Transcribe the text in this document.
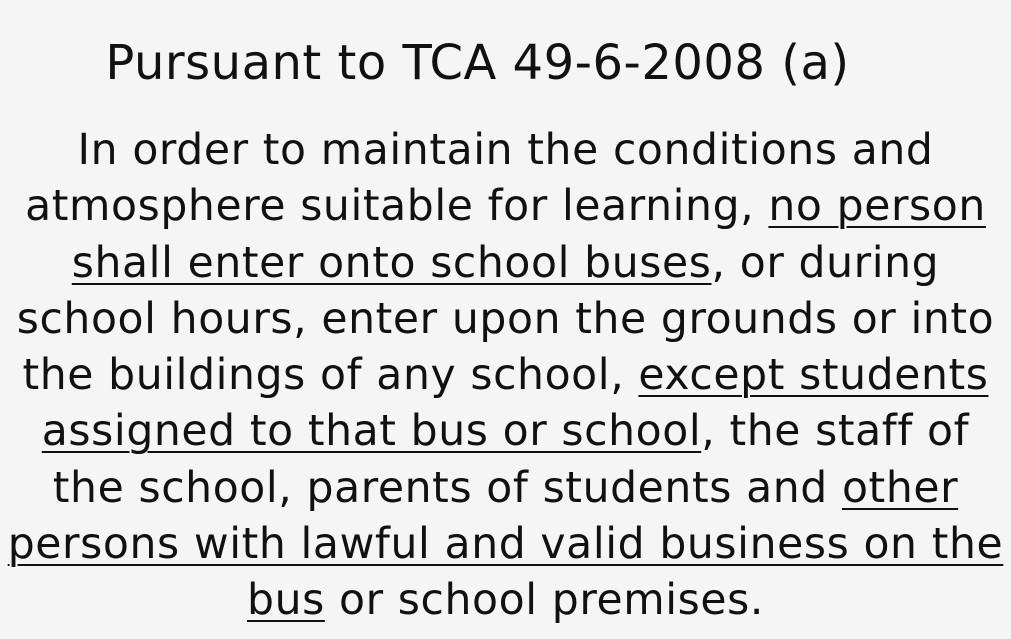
Pursuant to TCA 49-6-2008 (a)

In order to maintain the conditions and atmosphere suitable for learning, no person shall enter onto school buses, or during school hours, enter upon the grounds or into the buildings of any school, except students assigned to that bus or school, the staff of the school, parents of students and other persons with lawful and valid business on the bus or school premises.
